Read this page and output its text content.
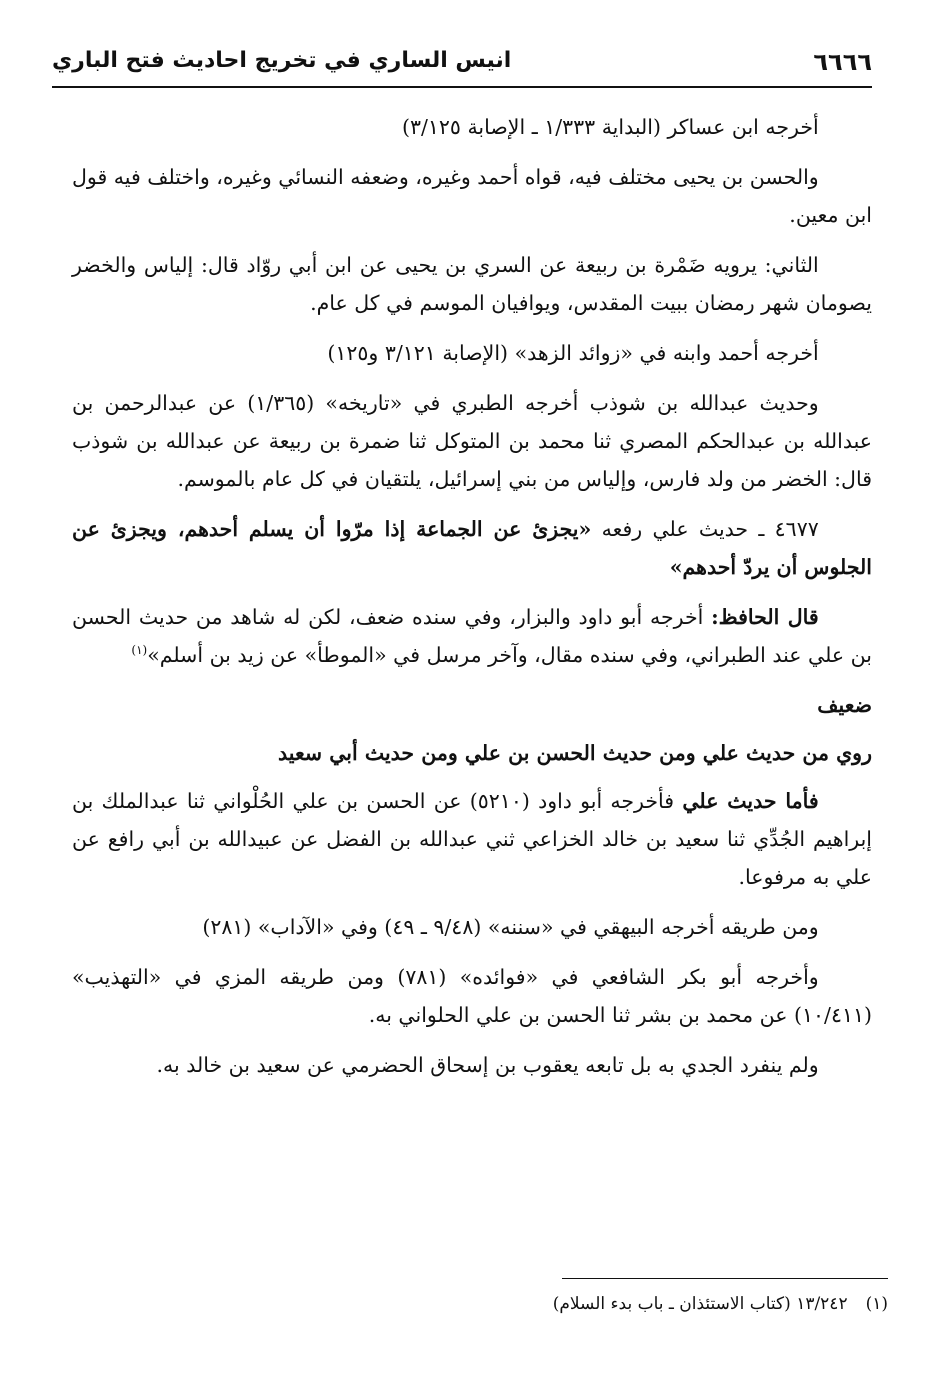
٦٦٦٦
انيس الساري في تخريج احاديث فتح الباري

أخرجه ابن عساكر (البداية ١/٣٣٣ ـ الإصابة ٣/١٢٥)

والحسن بن يحيى مختلف فيه، قواه أحمد وغيره، وضعفه النسائي وغيره، واختلف فيه قول ابن معين.

الثاني: يرويه ضَمْرة بن ربيعة عن السري بن يحيى عن ابن أبي روّاد قال: إلياس والخضر يصومان شهر رمضان ببيت المقدس، ويوافيان الموسم في كل عام.

أخرجه أحمد وابنه في «زوائد الزهد» (الإصابة ٣/١٢١ و١٢٥)

وحديث عبدالله بن شوذب أخرجه الطبري في «تاريخه» (١/٣٦٥) عن عبدالرحمن بن عبدالله بن عبدالحكم المصري ثنا محمد بن المتوكل ثنا ضمرة بن ربيعة عن عبدالله بن شوذب قال: الخضر من ولد فارس، وإلياس من بني إسرائيل، يلتقيان في كل عام بالموسم.

٤٦٧٧ ـ حديث علي رفعه «يجزئ عن الجماعة إذا مرّوا أن يسلم أحدهم، ويجزئ عن الجلوس أن يردّ أحدهم»

قال الحافظ: أخرجه أبو داود والبزار، وفي سنده ضعف، لكن له شاهد من حديث الحسن بن علي عند الطبراني، وفي سنده مقال، وآخر مرسل في «الموطأ» عن زيد بن أسلم»$^{(١)}$

ضعيف

روي من حديث علي ومن حديث الحسن بن علي ومن حديث أبي سعيد

فأما حديث علي فأخرجه أبو داود (٥٢١٠) عن الحسن بن علي الحُلْواني ثنا عبدالملك بن إبراهيم الجُدِّي ثنا سعيد بن خالد الخزاعي ثني عبدالله بن الفضل عن عبيدالله بن أبي رافع عن علي به مرفوعا.

ومن طريقه أخرجه البيهقي في «سننه» (٩/٤٨ ـ ٤٩) وفي «الآداب» (٢٨١)

وأخرجه أبو بكر الشافعي في «فوائده» (٧٨١) ومن طريقه المزي في «التهذيب» (١٠/٤١١) عن محمد بن بشر ثنا الحسن بن علي الحلواني به.

ولم ينفرد الجدي به بل تابعه يعقوب بن إسحاق الحضرمي عن سعيد بن خالد به.

(١)١٣/٢٤٢ (كتاب الاستئذان ـ باب بدء السلام)
